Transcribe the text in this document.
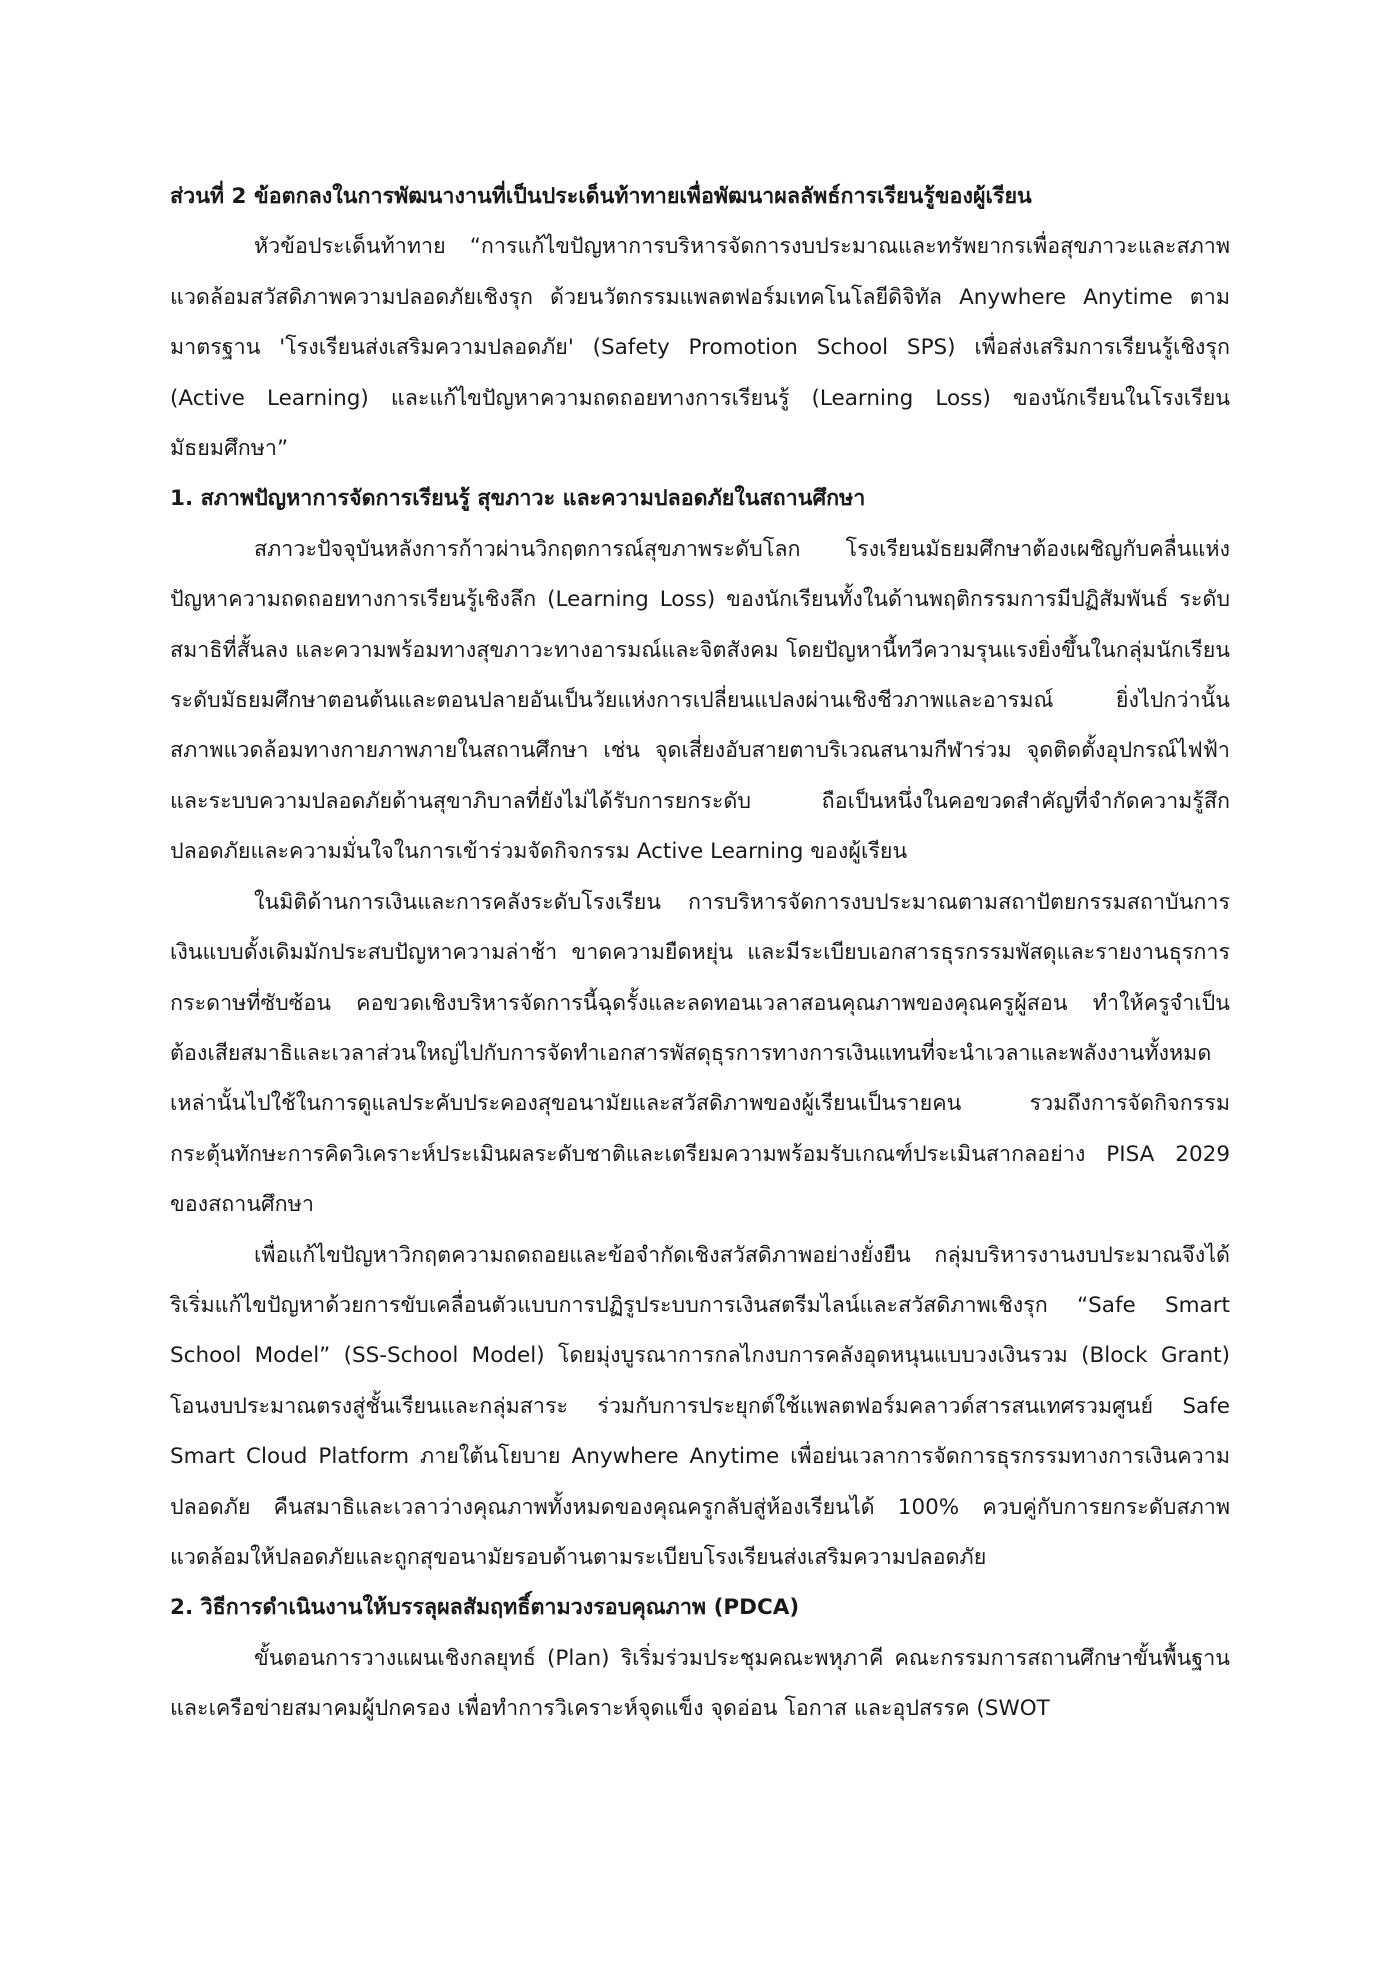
ส่วนที่ 2 ข้อตกลงในการพัฒนางานที่เป็นประเด็นท้าทายเพื่อพัฒนาผลลัพธ์การเรียนรู้ของผู้เรียน

หัวข้อประเด็นท้าทาย “การแก้ไขปัญหาการบริหารจัดการงบประมาณและทรัพยากรเพื่อสุขภาวะและสภาพแวดล้อมสวัสดิภาพความปลอดภัยเชิงรุก ด้วยนวัตกรรมแพลตฟอร์มเทคโนโลยีดิจิทัล Anywhere Anytime ตามมาตรฐาน 'โรงเรียนส่งเสริมความปลอดภัย' (Safety Promotion School SPS) เพื่อส่งเสริมการเรียนรู้เชิงรุก (Active Learning) และแก้ไขปัญหาความถดถอยทางการเรียนรู้ (Learning Loss) ของนักเรียนในโรงเรียนมัธยมศึกษา”

1. สภาพปัญหาการจัดการเรียนรู้ สุขภาวะ และความปลอดภัยในสถานศึกษา

สภาวะปัจจุบันหลังการก้าวผ่านวิกฤตการณ์สุขภาพระดับโลก โรงเรียนมัธยมศึกษาต้องเผชิญกับคลื่นแห่งปัญหาความถดถอยทางการเรียนรู้เชิงลึก (Learning Loss) ของนักเรียนทั้งในด้านพฤติกรรมการมีปฏิสัมพันธ์ ระดับสมาธิที่สั้นลง และความพร้อมทางสุขภาวะทางอารมณ์และจิตสังคม โดยปัญหานี้ทวีความรุนแรงยิ่งขึ้นในกลุ่มนักเรียนระดับมัธยมศึกษาตอนต้นและตอนปลายอันเป็นวัยแห่งการเปลี่ยนแปลงผ่านเชิงชีวภาพและอารมณ์ ยิ่งไปกว่านั้น สภาพแวดล้อมทางกายภาพภายในสถานศึกษา เช่น จุดเสี่ยงอับสายตาบริเวณสนามกีฬาร่วม จุดติดตั้งอุปกรณ์ไฟฟ้า และระบบความปลอดภัยด้านสุขาภิบาลที่ยังไม่ได้รับการยกระดับ ถือเป็นหนึ่งในคอขวดสำคัญที่จำกัดความรู้สึกปลอดภัยและความมั่นใจในการเข้าร่วมจัดกิจกรรม Active Learning ของผู้เรียน

ในมิติด้านการเงินและการคลังระดับโรงเรียน การบริหารจัดการงบประมาณตามสถาปัตยกรรมสถาบันการเงินแบบดั้งเดิมมักประสบปัญหาความล่าช้า ขาดความยืดหยุ่น และมีระเบียบเอกสารธุรกรรมพัสดุและรายงานธุรการกระดาษที่ซับซ้อน คอขวดเชิงบริหารจัดการนี้ฉุดรั้งและลดทอนเวลาสอนคุณภาพของคุณครูผู้สอน ทำให้ครูจำเป็นต้องเสียสมาธิและเวลาส่วนใหญ่ไปกับการจัดทำเอกสารพัสดุธุรการทางการเงินแทนที่จะนำเวลาและพลังงานทั้งหมดเหล่านั้นไปใช้ในการดูแลประคับประคองสุขอนามัยและสวัสดิภาพของผู้เรียนเป็นรายคน รวมถึงการจัดกิจกรรมกระตุ้นทักษะการคิดวิเคราะห์ประเมินผลระดับชาติและเตรียมความพร้อมรับเกณฑ์ประเมินสากลอย่าง PISA 2029 ของสถานศึกษา

เพื่อแก้ไขปัญหาวิกฤตความถดถอยและข้อจำกัดเชิงสวัสดิภาพอย่างยั่งยืน กลุ่มบริหารงานงบประมาณจึงได้ริเริ่มแก้ไขปัญหาด้วยการขับเคลื่อนตัวแบบการปฏิรูประบบการเงินสตรีมไลน์และสวัสดิภาพเชิงรุก “Safe Smart School Model” (SS-School Model) โดยมุ่งบูรณาการกลไกงบการคลังอุดหนุนแบบวงเงินรวม (Block Grant) โอนงบประมาณตรงสู่ชั้นเรียนและกลุ่มสาระ ร่วมกับการประยุกต์ใช้แพลตฟอร์มคลาวด์สารสนเทศรวมศูนย์ Safe Smart Cloud Platform ภายใต้นโยบาย Anywhere Anytime เพื่อย่นเวลาการจัดการธุรกรรมทางการเงินความปลอดภัย คืนสมาธิและเวลาว่างคุณภาพทั้งหมดของคุณครูกลับสู่ห้องเรียนได้ 100% ควบคู่กับการยกระดับสภาพแวดล้อมให้ปลอดภัยและถูกสุขอนามัยรอบด้านตามระเบียบโรงเรียนส่งเสริมความปลอดภัย

2. วิธีการดำเนินงานให้บรรลุผลสัมฤทธิ์ตามวงรอบคุณภาพ (PDCA)

ขั้นตอนการวางแผนเชิงกลยุทธ์ (Plan) ริเริ่มร่วมประชุมคณะพหุภาคี คณะกรรมการสถานศึกษาขั้นพื้นฐาน และเครือข่ายสมาคมผู้ปกครอง เพื่อทำการวิเคราะห์จุดแข็ง จุดอ่อน โอกาส และอุปสรรค (SWOT
